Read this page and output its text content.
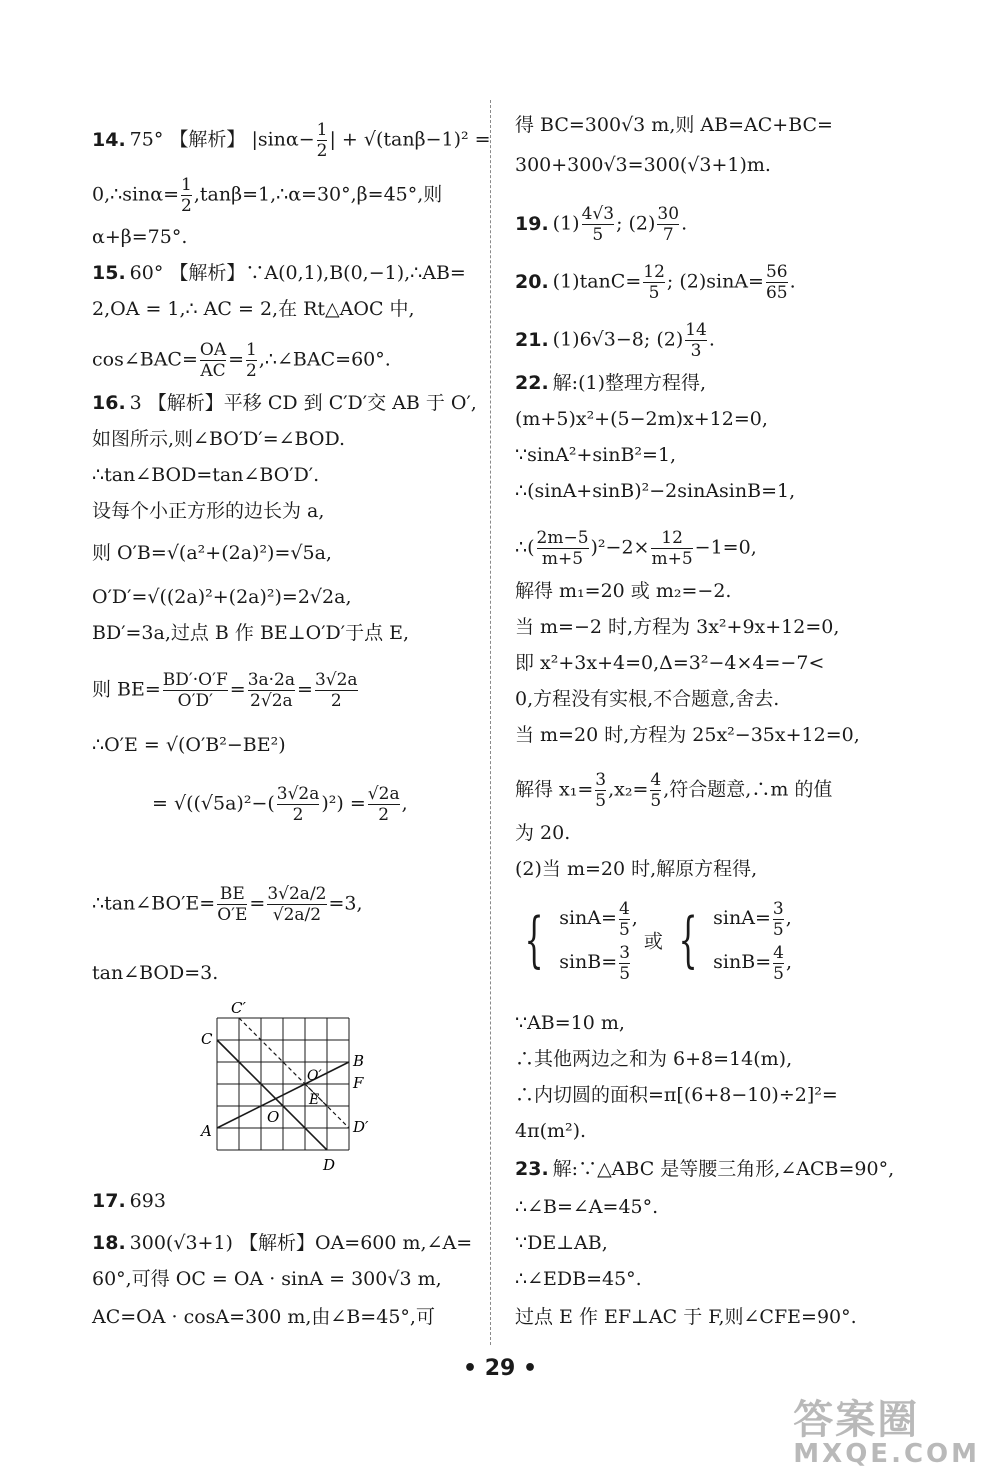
14. 75° 【解析】 $|\sin\alpha- \frac{1}{2}$ | + √(tanβ−1)² =
0,∴sinα= $\frac{1}{2}$ ,tanβ=1,∴α=30°,β=45°,则
α+β=75°.
15. 60° 【解析】∵A(0,1),B(0,−1),∴AB=
2,OA = 1,∴ AC = 2,在 Rt△AOC 中,
cos∠BAC= $\frac{OA}{AC} = \frac{1}{2}$ ,∴∠BAC=60°.
16. 3 【解析】平移 CD 到 C′D′交 AB 于 O′,
如图所示,则∠BO′D′=∠BOD.
∴tan∠BOD=tan∠BO′D′.
设每个小正方形的边长为 a,
则 O′B=√(a²+(2a)²)=√5a,
O′D′=√((2a)²+(2a)²)=2√2a,
BD′=3a,过点 B 作 BE⊥O′D′于点 E,
则 $BE= \frac{BD'\cdot O'F}{O'D'} = \frac{3a\cdot 2a}{2√2a} = \frac{3√2a}{2}$
∴O′E = √(O′B²−BE²)
= $√((√5a)^2-( \frac{3√2a}{2} )^2) = \frac{√2a}{2}$ ,
∴tan∠BO′E= $\frac{BE}{O'E} = \frac{3√2a/2}{√2a/2} =3$,
tan∠BOD=3.
C′
C
B
O′ F
E
O
A	D′
D
17. 693
18. 300(√3+1) 【解析】OA=600 m,∠A=
60°,可得 OC = OA · sinA = 300√3 m,
AC=OA · cosA=300 m,由∠B=45°,可
得 BC=300√3 m,则 AB=AC+BC=
300+300√3=300(√3+1)m.
19. $(1) \frac{4√3}{5}$ ; $(2) \frac{30}{7}$ .
20. $(1)\tan C= \frac{12}{5}$ ; $(2)\sin A= \frac{56}{65}$ .
21. (1)6√3−8; $(2) \frac{14}{3}$ .
22. 解:(1)整理方程得,
(m+5)x²+(5−2m)x+12=0,
∵sinA²+sinB²=1,
∴(sinA+sinB)²−2sinAsinB=1,
∴( $\frac{2m-5}{m+5} )^2-2\times \frac{12}{m+5} -1=0$,
解得 m₁=20 或 m₂=−2.
当 m=−2 时,方程为 3x²+9x+12=0,
即 x²+3x+4=0,Δ=3²−4×4=−7<
0,方程没有实根,不合题意,舍去.
当 m=20 时,方程为 25x²−35x+12=0,
解得 $x_1= \frac{3}{5} ,x_2= \frac{4}{5}$ ,符合题意,∴m 的值
为 20.
(2)当 m=20 时,解原方程得,
{ $\sin A= \frac{4}{5}$ ,
$\sin B= \frac{3}{5}$
或 { $\sin A= \frac{3}{5}$ ,
$\sin B= \frac{4}{5}$ ,
∵AB=10 m,
∴其他两边之和为 6+8=14(m),
∴内切圆的面积=π[(6+8−10)÷2]²=
4π(m²).
23. 解:∵△ABC 是等腰三角形,∠ACB=90°,
∴∠B=∠A=45°.
∵DE⊥AB,
∴∠EDB=45°.
过点 E 作 EF⊥AC 于 F,则∠CFE=90°.
• 29 •
答案圈
MXQE.COM
